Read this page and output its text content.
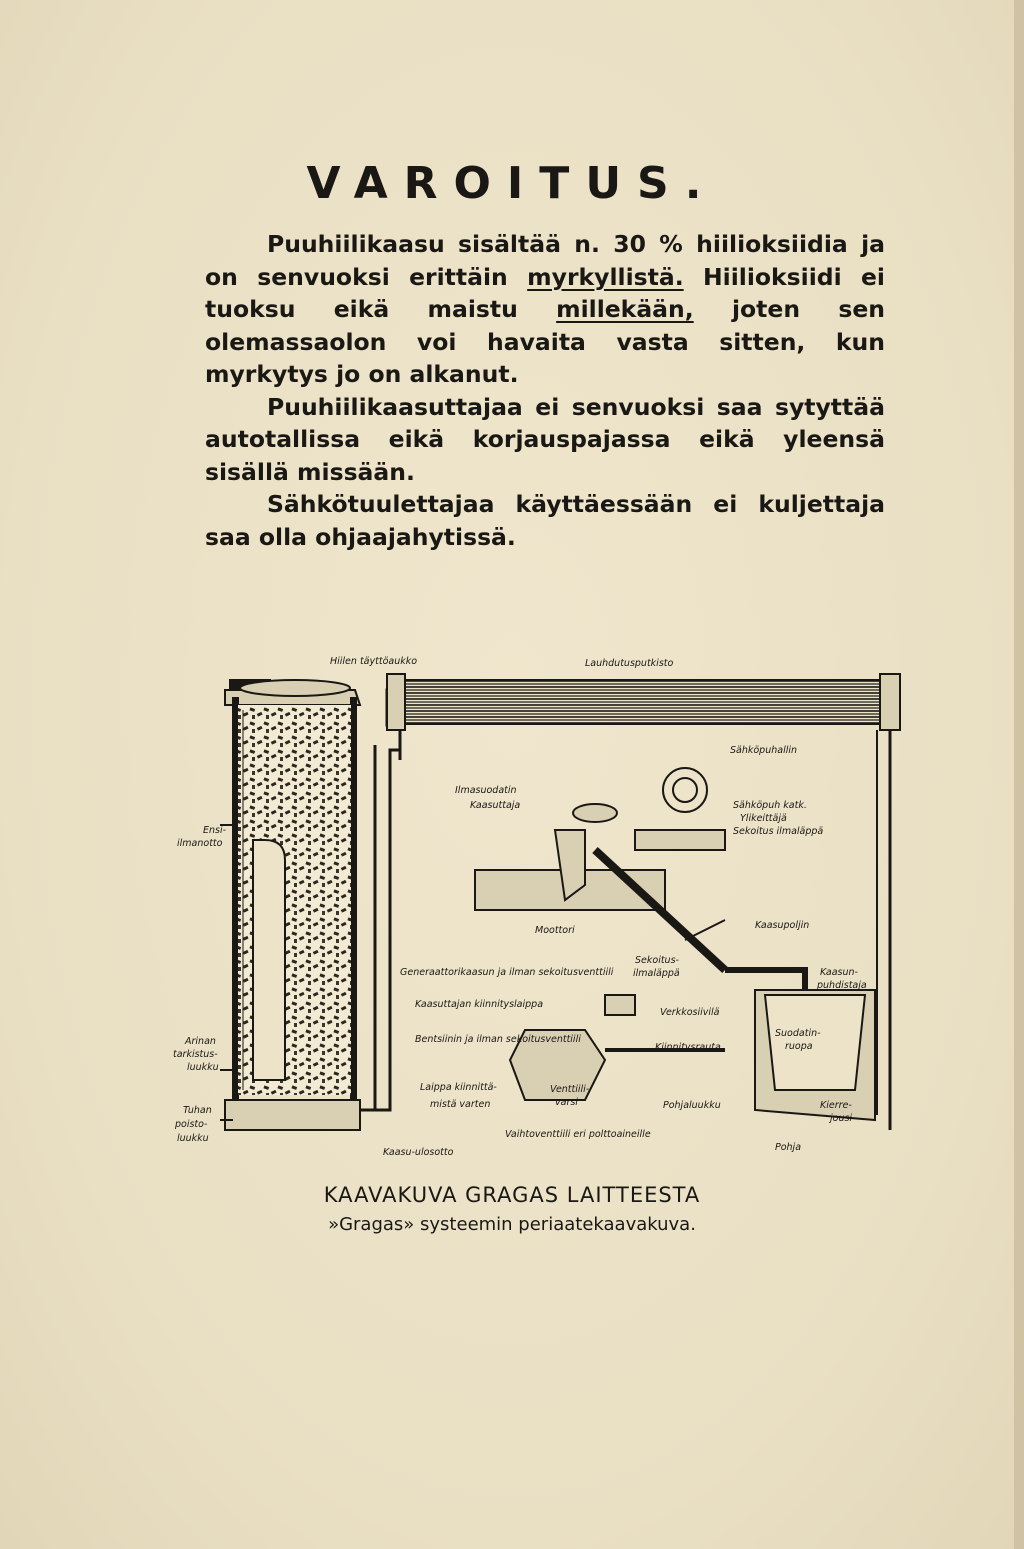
VAROITUS.

Puuhiilikaasu sisältää n. 30 % hiilioksiidia ja on senvuoksi erittäin myrkyllistä. Hiilioksiidi ei tuoksu eikä maistu millekään, joten sen olemassaolon voi havaita vasta sitten, kun myrkytys jo on alkanut.

Puuhiilikaasuttajaa ei senvuoksi saa sytyttää autotallissa eikä korjauspajassa eikä yleensä sisällä missään.

Sähkötuulettajaa käyttäessään ei kuljettaja saa olla ohjaajahytissä.

Hiilen täyttöaukko	Lauhdutusputkisto
Sähköpuhallin
Ilmasuodatin
Kaasuttaja	Sähköpuh katk.
Ylikeittäjä
Sekoitus ilmaläppä
Ensi-
ilmanotto
Moottori	Kaasupoljin
Generaattorikaasun ja ilman sekoitusventtiili
Sekoitus-
ilmaläppä	Kaasun-
puhdistaja
Kaasuttajan kiinnityslaippa
Verkkosiivilä
Bentsiinin ja ilman sekoitusventtiili
Kiinnitysrauta
Suodatin-
ruopa
Arinan
tarkistus-
luukku
Laippa kiinnittä-
mistä varten
Venttiili-
varsi	Pohjaluukku	Kierre-
jousi
Tuhan
poisto-
luukku	Vaihtoventtiili eri polttoaineille
Kaasu-ulosotto	Pohja
KAAVAKUVA GRAGAS LAITTEESTA
»Gragas» systeemin periaatekaavakuva.
